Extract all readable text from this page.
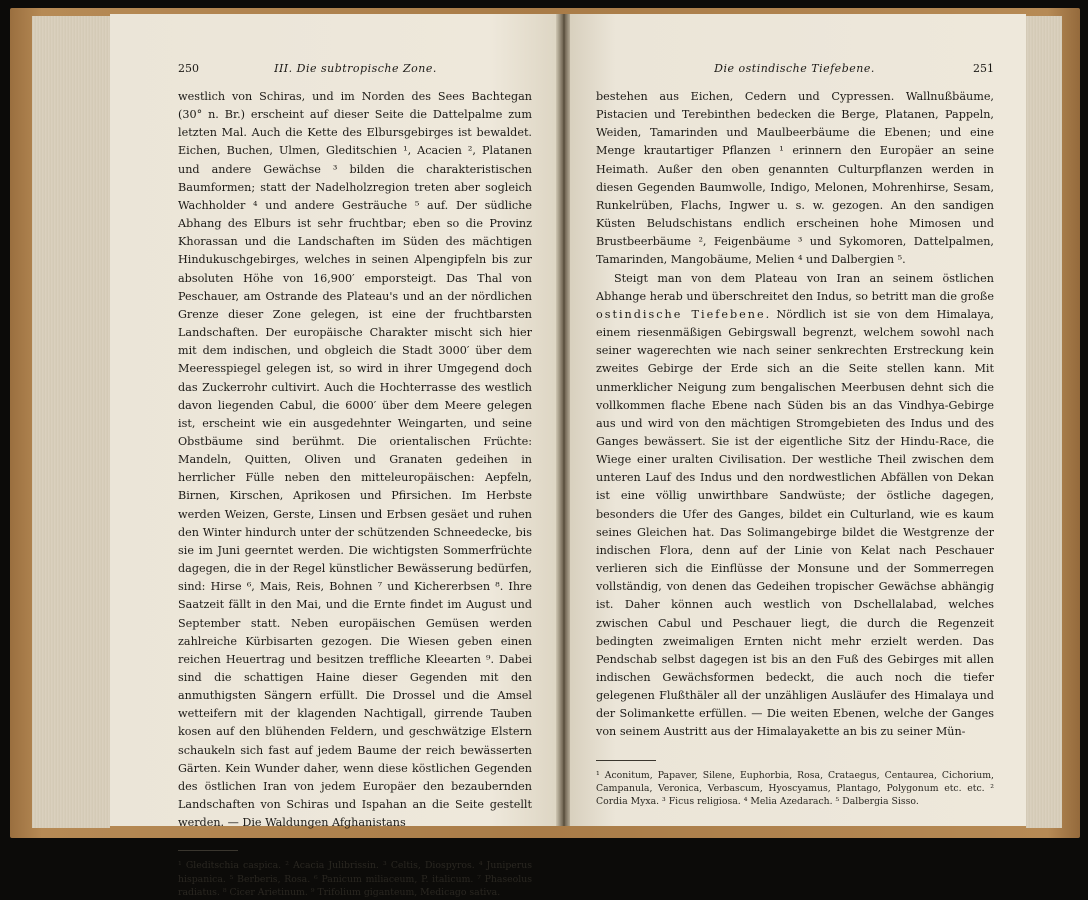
250	III. Die subtropische Zone.

westlich von Schiras, und im Norden des Sees Bachtegan (30° n. Br.) erscheint auf dieser Seite die Dattelpalme zum letzten Mal. Auch die Kette des Elbursgebirges ist bewaldet. Eichen, Buchen, Ulmen, Gleditschien ¹, Acacien ², Platanen und andere Gewächse ³ bilden die charakteristischen Baumformen; statt der Nadelholzregion treten aber sogleich Wachholder ⁴ und andere Gesträuche ⁵ auf. Der südliche Abhang des Elburs ist sehr fruchtbar; eben so die Provinz Khorassan und die Landschaften im Süden des mächtigen Hindukuschgebirges, welches in seinen Alpengipfeln bis zur absoluten Höhe von 16,900′ emporsteigt. Das Thal von Peschauer, am Ostrande des Plateau's und an der nördlichen Grenze dieser Zone gelegen, ist eine der fruchtbarsten Landschaften. Der europäische Charakter mischt sich hier mit dem indischen, und obgleich die Stadt 3000′ über dem Meeresspiegel gelegen ist, so wird in ihrer Umgegend doch das Zuckerrohr cultivirt. Auch die Hochterrasse des westlich davon liegenden Cabul, die 6000′ über dem Meere gelegen ist, erscheint wie ein ausgedehnter Weingarten, und seine Obstbäume sind berühmt. Die orientalischen Früchte: Mandeln, Quitten, Oliven und Granaten gedeihen in herrlicher Fülle neben den mitteleuropäischen: Aepfeln, Birnen, Kirschen, Aprikosen und Pfirsichen. Im Herbste werden Weizen, Gerste, Linsen und Erbsen gesäet und ruhen den Winter hindurch unter der schützenden Schneedecke, bis sie im Juni geerntet werden. Die wichtigsten Sommerfrüchte dagegen, die in der Regel künstlicher Bewässerung bedürfen, sind: Hirse ⁶, Mais, Reis, Bohnen ⁷ und Kichererbsen ⁸. Ihre Saatzeit fällt in den Mai, und die Ernte findet im August und September statt. Neben europäischen Gemüsen werden zahlreiche Kürbisarten gezogen. Die Wiesen geben einen reichen Heuertrag und besitzen treffliche Kleearten ⁹. Dabei sind die schattigen Haine dieser Gegenden mit den anmuthigsten Sängern erfüllt. Die Drossel und die Amsel wetteifern mit der klagenden Nachtigall, girrende Tauben kosen auf den blühenden Feldern, und geschwätzige Elstern schaukeln sich fast auf jedem Baume der reich bewässerten Gärten. Kein Wunder daher, wenn diese köstlichen Gegenden des östlichen Iran von jedem Europäer den bezaubernden Landschaften von Schiras und Ispahan an die Seite gestellt werden. — Die Waldungen Afghanistans

¹ Gleditschia caspica. ² Acacia Julibrissin. ³ Celtis, Diospyros. ⁴ Juniperus hispanica. ⁵ Berberis, Rosa. ⁶ Panicum miliaceum, P. italicum. ⁷ Phaseolus radiatus. ⁸ Cicer Arietinum. ⁹ Trifolium giganteum, Medicago sativa.

Die ostindische Tiefebene.	251

bestehen aus Eichen, Cedern und Cypressen. Wallnußbäume, Pistacien und Terebinthen bedecken die Berge, Platanen, Pappeln, Weiden, Tamarinden und Maulbeerbäume die Ebenen; und eine Menge krautartiger Pflanzen ¹ erinnern den Europäer an seine Heimath. Außer den oben genannten Culturpflanzen werden in diesen Gegenden Baumwolle, Indigo, Melonen, Mohrenhirse, Sesam, Runkelrüben, Flachs, Ingwer u. s. w. gezogen. An den sandigen Küsten Beludschistans endlich erscheinen hohe Mimosen und Brustbeerbäume ², Feigenbäume ³ und Sykomoren, Dattelpalmen, Tamarinden, Mangobäume, Melien ⁴ und Dalbergien ⁵.

Steigt man von dem Plateau von Iran an seinem östlichen Abhange herab und überschreitet den Indus, so betritt man die große ostindische Tiefebene. Nördlich ist sie von dem Himalaya, einem riesenmäßigen Gebirgswall begrenzt, welchem sowohl nach seiner wagerechten wie nach seiner senkrechten Erstreckung kein zweites Gebirge der Erde sich an die Seite stellen kann. Mit unmerklicher Neigung zum bengalischen Meerbusen dehnt sich die vollkommen flache Ebene nach Süden bis an das Vindhya-Gebirge aus und wird von den mächtigen Stromgebieten des Indus und des Ganges bewässert. Sie ist der eigentliche Sitz der Hindu-Race, die Wiege einer uralten Civilisation. Der westliche Theil zwischen dem unteren Lauf des Indus und den nordwestlichen Abfällen von Dekan ist eine völlig unwirthbare Sandwüste; der östliche dagegen, besonders die Ufer des Ganges, bildet ein Culturland, wie es kaum seines Gleichen hat. Das Solimangebirge bildet die Westgrenze der indischen Flora, denn auf der Linie von Kelat nach Peschauer verlieren sich die Einflüsse der Monsune und der Sommerregen vollständig, von denen das Gedeihen tropischer Gewächse abhängig ist. Daher können auch westlich von Dschellalabad, welches zwischen Cabul und Peschauer liegt, die durch die Regenzeit bedingten zweimaligen Ernten nicht mehr erzielt werden. Das Pendschab selbst dagegen ist bis an den Fuß des Gebirges mit allen indischen Gewächsformen bedeckt, die auch noch die tiefer gelegenen Flußthäler all der unzähligen Ausläufer des Himalaya und der Solimankette erfüllen. — Die weiten Ebenen, welche der Ganges von seinem Austritt aus der Himalayakette an bis zu seiner Mün-

¹ Aconitum, Papaver, Silene, Euphorbia, Rosa, Crataegus, Centaurea, Cichorium, Campanula, Veronica, Verbascum, Hyoscyamus, Plantago, Polygonum etc. etc. ² Cordia Myxa. ³ Ficus religiosa. ⁴ Melia Azedarach. ⁵ Dalbergia Sisso.
